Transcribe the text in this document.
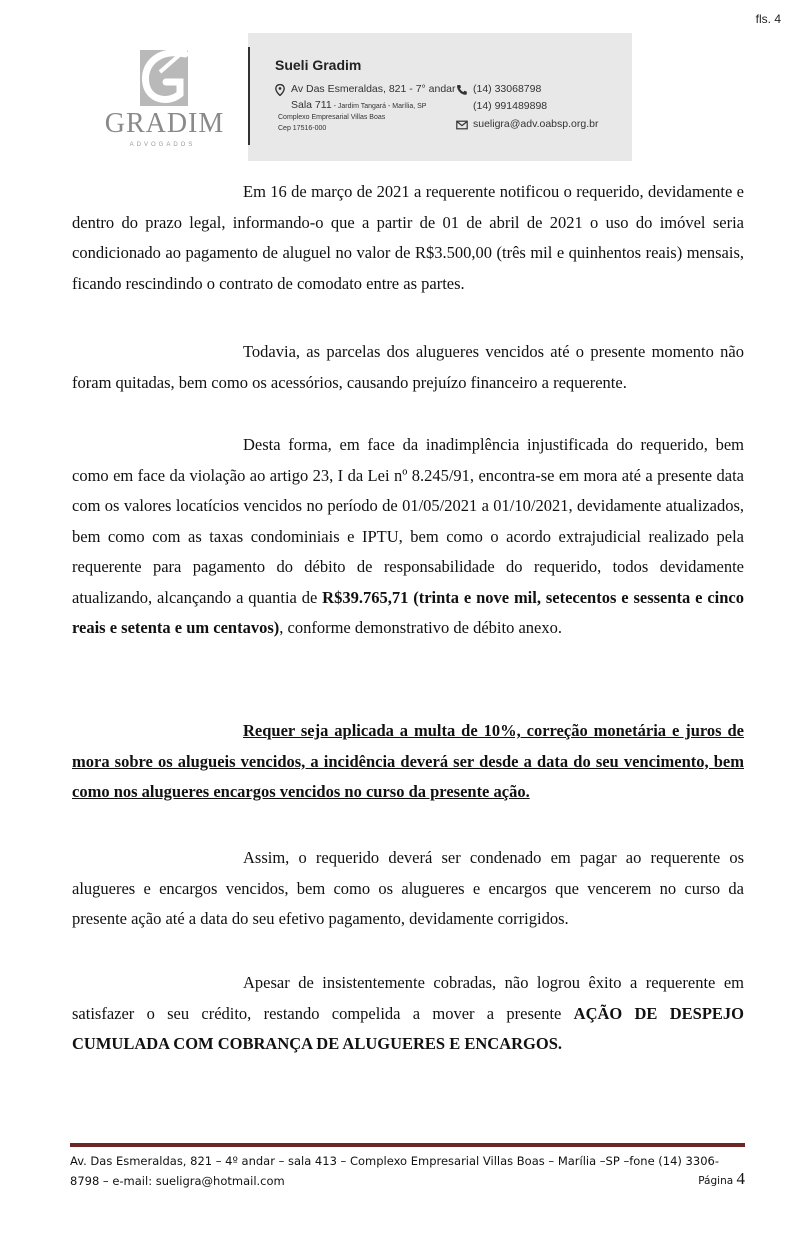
fls. 4
GRADIM
ADVOGADOS
Sueli Gradim
Av Das Esmeraldas, 821 - 7° andar
Sala 711 - Jardim Tangará - Marília, SP
Complexo Empresarial Villas Boas
Cep 17516-000
(14) 33068798
(14) 991489898
sueligra@adv.oabsp.org.br
Em 16 de março de 2021 a requerente notificou o requerido, devidamente e dentro do prazo legal, informando-o que a partir de 01 de abril de 2021 o uso do imóvel seria condicionado ao pagamento de aluguel no valor de R$3.500,00 (três mil e quinhentos reais) mensais, ficando rescindindo o contrato de comodato entre as partes.
Todavia, as parcelas dos alugueres vencidos até o presente momento não foram quitadas, bem como os acessórios, causando prejuízo financeiro a requerente.
Desta forma, em face da inadimplência injustificada do requerido, bem como em face da violação ao artigo 23, I da Lei nº 8.245/91, encontra-se em mora até a presente data com os valores locatícios vencidos no período de 01/05/2021 a 01/10/2021, devidamente atualizados, bem como com as taxas condominiais e IPTU, bem como o acordo extrajudicial realizado pela requerente para pagamento do débito de responsabilidade do requerido, todos devidamente atualizando, alcançando a quantia de R$39.765,71 (trinta e nove mil, setecentos e sessenta e cinco reais e setenta e um centavos), conforme demonstrativo de débito anexo.
Requer seja aplicada a multa de 10%, correção monetária e juros de mora sobre os alugueis vencidos, a incidência deverá ser desde a data do seu vencimento, bem como nos alugueres encargos vencidos no curso da presente ação.
Assim, o requerido deverá ser condenado em pagar ao requerente os alugueres e encargos vencidos, bem como os alugueres e encargos que vencerem no curso da presente ação até a data do seu efetivo pagamento, devidamente corrigidos.
Apesar de insistentemente cobradas, não logrou êxito a requerente em satisfazer o seu crédito, restando compelida a mover a presente AÇÃO DE DESPEJO CUMULADA COM COBRANÇA DE ALUGUERES E ENCARGOS.
Av. Das Esmeraldas, 821 – 4º andar – sala 413 – Complexo Empresarial Villas Boas – Marília –SP –fone (14) 3306-8798 – e-mail: sueligra@hotmail.com	Página 4
